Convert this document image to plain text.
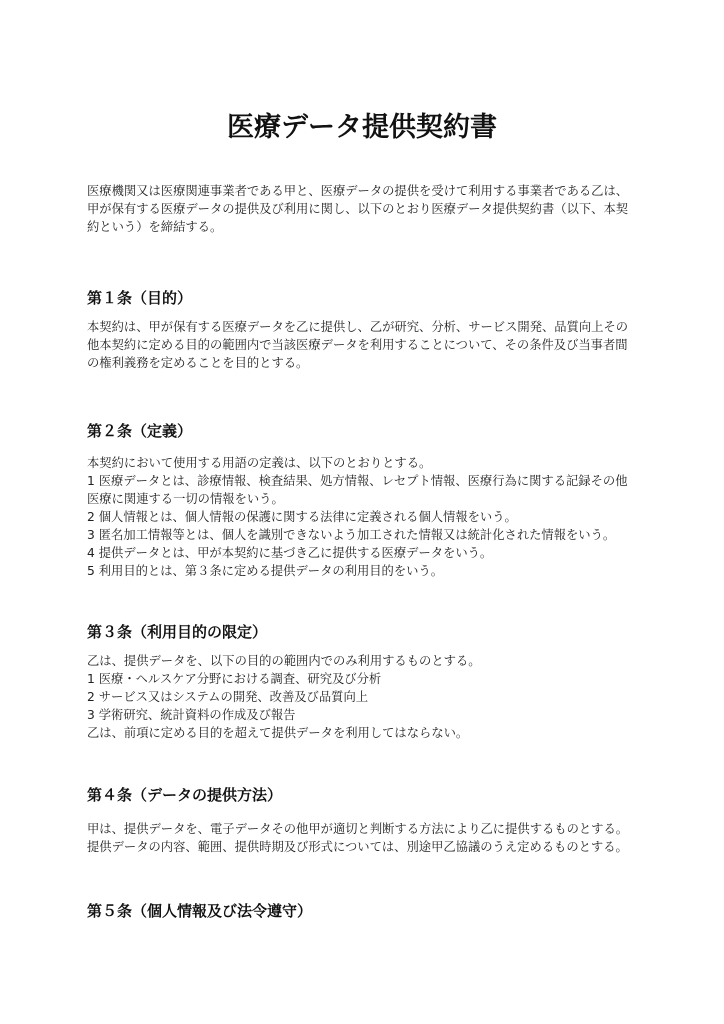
医療データ提供契約書
医療機関又は医療関連事業者である甲と、医療データの提供を受けて利用する事業者である乙は、
甲が保有する医療データの提供及び利用に関し、以下のとおり医療データ提供契約書（以下、本契
約という）を締結する。
第１条（目的）
本契約は、甲が保有する医療データを乙に提供し、乙が研究、分析、サービス開発、品質向上その
他本契約に定める目的の範囲内で当該医療データを利用することについて、その条件及び当事者間
の権利義務を定めることを目的とする。
第２条（定義）
本契約において使用する用語の定義は、以下のとおりとする。
1 医療データとは、診療情報、検査結果、処方情報、レセプト情報、医療行為に関する記録その他
医療に関連する一切の情報をいう。
2 個人情報とは、個人情報の保護に関する法律に定義される個人情報をいう。
3 匿名加工情報等とは、個人を識別できないよう加工された情報又は統計化された情報をいう。
4 提供データとは、甲が本契約に基づき乙に提供する医療データをいう。
5 利用目的とは、第３条に定める提供データの利用目的をいう。
第３条（利用目的の限定）
乙は、提供データを、以下の目的の範囲内でのみ利用するものとする。
1 医療・ヘルスケア分野における調査、研究及び分析
2 サービス又はシステムの開発、改善及び品質向上
3 学術研究、統計資料の作成及び報告
乙は、前項に定める目的を超えて提供データを利用してはならない。
第４条（データの提供方法）
甲は、提供データを、電子データその他甲が適切と判断する方法により乙に提供するものとする。
提供データの内容、範囲、提供時期及び形式については、別途甲乙協議のうえ定めるものとする。
第５条（個人情報及び法令遵守）
